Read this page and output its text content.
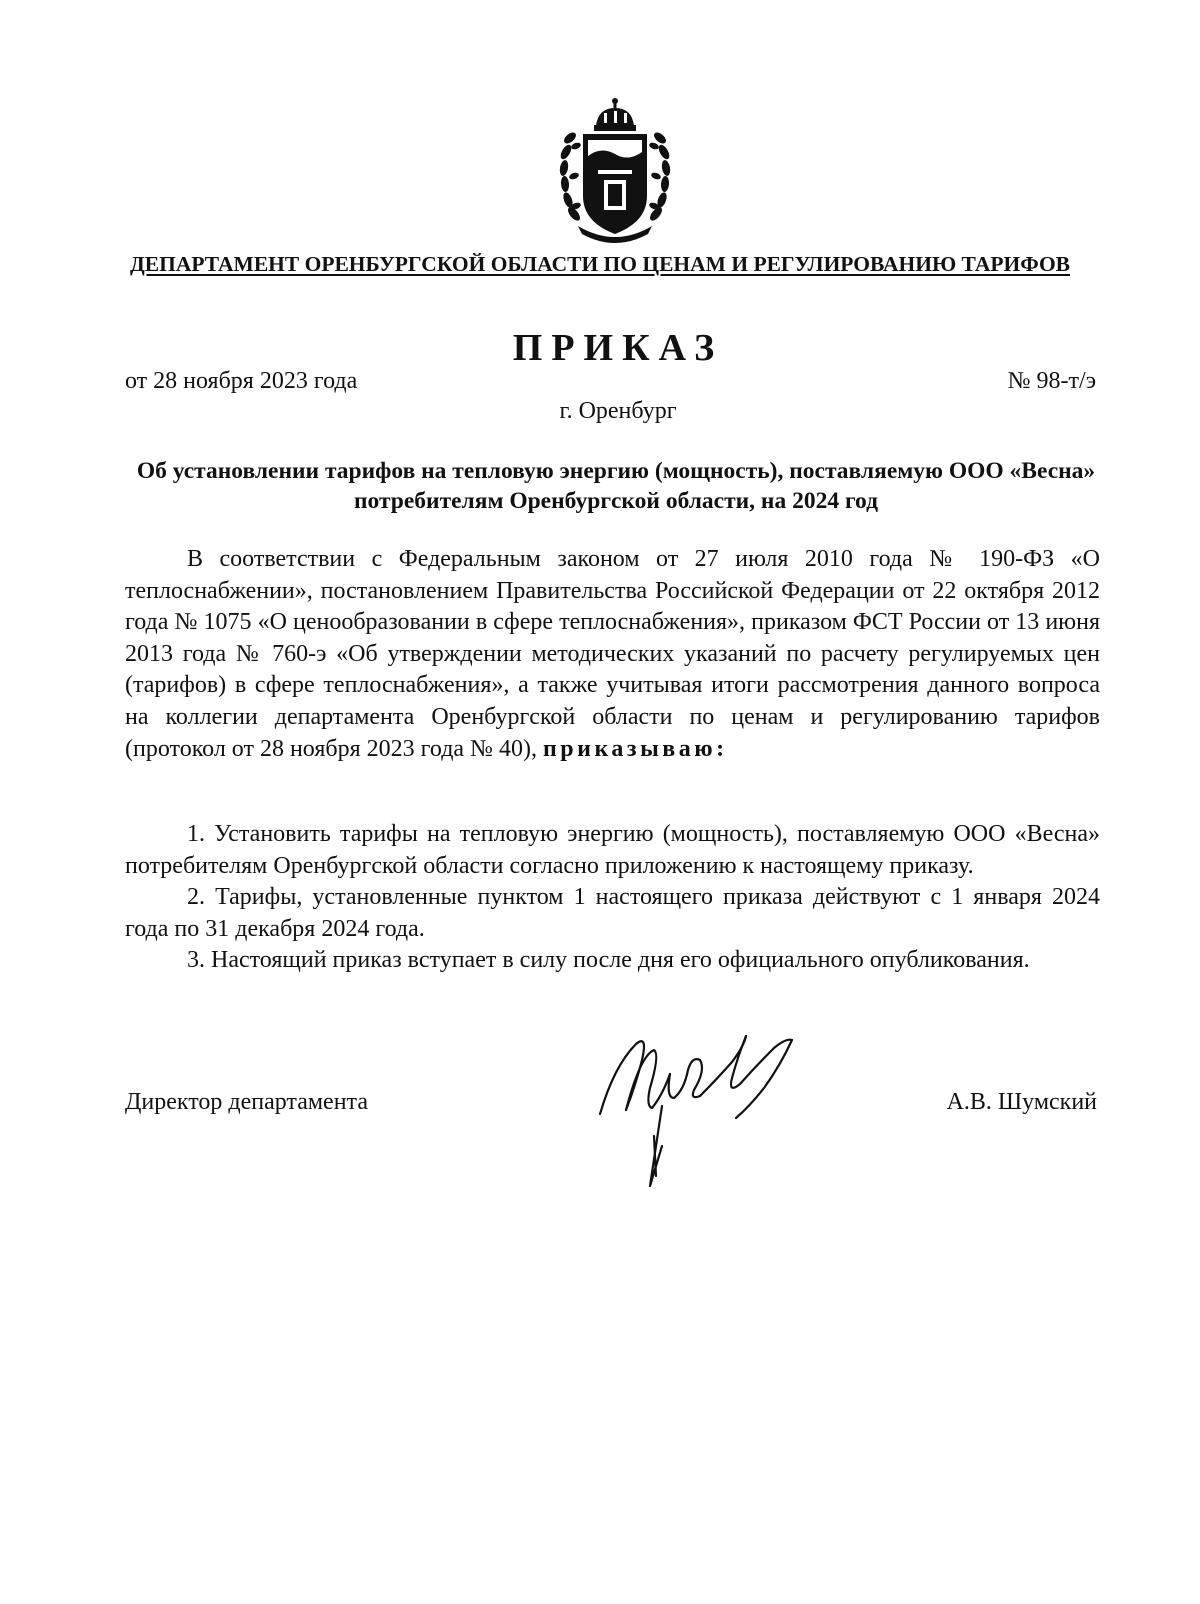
ДЕПАРТАМЕНТ ОРЕНБУРГСКОЙ ОБЛАСТИ ПО ЦЕНАМ И РЕГУЛИРОВАНИЮ ТАРИФОВ
ПРИКАЗ
от 28 ноября 2023 года	№ 98-т/э
г. Оренбург
Об установлении тарифов на тепловую энергию (мощность), поставляемую ООО «Весна» потребителям Оренбургской области, на 2024 год

В соответствии с Федеральным законом от 27 июля 2010 года № 190-ФЗ «О теплоснабжении», постановлением Правительства Российской Федерации от 22 октября 2012 года № 1075 «О ценообразовании в сфере теплоснабжения», приказом ФСТ России от 13 июня 2013 года № 760-э «Об утверждении методических указаний по расчету регулируемых цен (тарифов) в сфере теплоснабжения», а также учитывая итоги рассмотрения данного вопроса на коллегии департамента Оренбургской области по ценам и регулированию тарифов (протокол от 28 ноября 2023 года № 40), приказываю:

1. Установить тарифы на тепловую энергию (мощность), поставляемую ООО «Весна» потребителям Оренбургской области согласно приложению к настоящему приказу.

2. Тарифы, установленные пунктом 1 настоящего приказа действуют с 1 января 2024 года по 31 декабря 2024 года.

3. Настоящий приказ вступает в силу после дня его официального опубликования.

Директор департамента	А.В. Шумский
